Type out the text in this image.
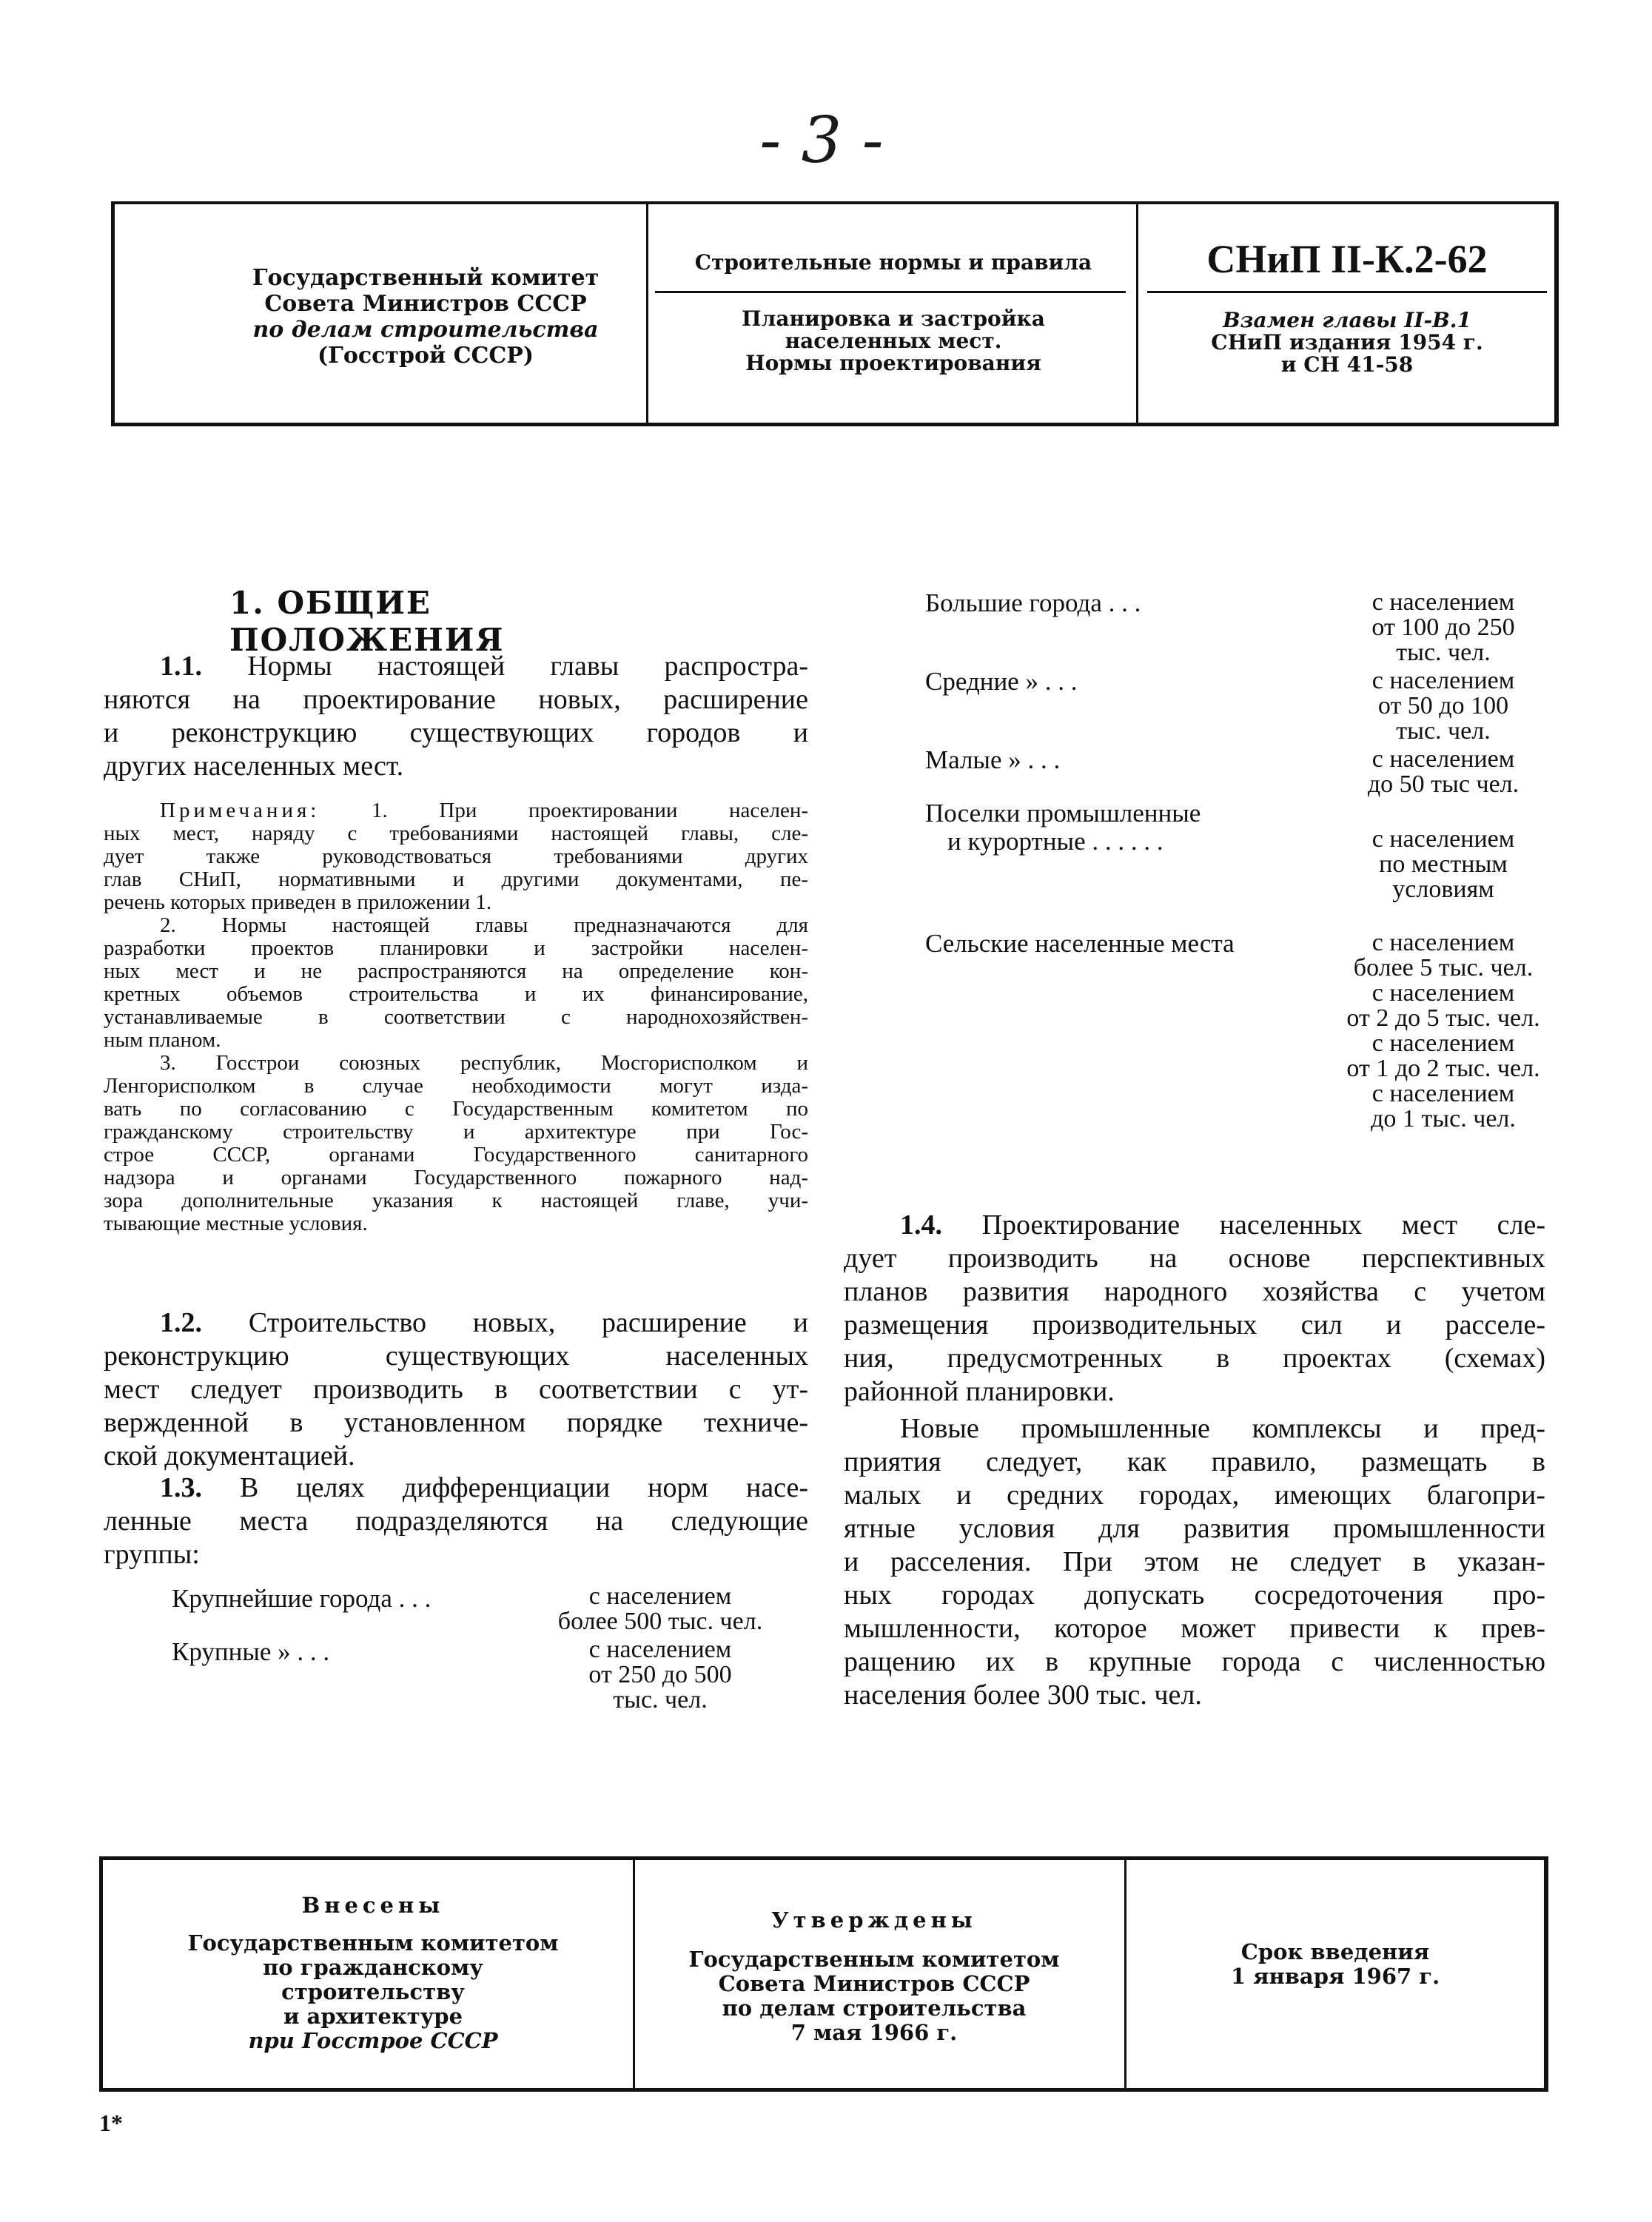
- 3 -
Государственный комитет
Совета Министров СССР
по делам строительства
(Госстрой СССР)
Строительные нормы и правила
Планировка и застройка
населенных мест.
Нормы проектирования
СНиП II-К.2-62
Взамен главы II-В.1
СНиП издания 1954 г.
и СН 41-58
1. ОБЩИЕ ПОЛОЖЕНИЯ
1.1. Нормы настоящей главы распростра-
няются на проектирование новых, расширение
и реконструкцию существующих городов и
других населенных мест.
Примечания: 1. При проектировании населен-
ных мест, наряду с требованиями настоящей главы, сле-
дует также руководствоваться требованиями других
глав СНиП, нормативными и другими документами, пе-
речень которых приведен в приложении 1.
2. Нормы настоящей главы предназначаются для
разработки проектов планировки и застройки населен-
ных мест и не распространяются на определение кон-
кретных объемов строительства и их финансирование,
устанавливаемые в соответствии с народнохозяйствен-
ным планом.
3. Госстрои союзных республик, Мосгорисполком и
Ленгорисполком в случае необходимости могут изда-
вать по согласованию с Государственным комитетом по
гражданскому строительству и архитектуре при Гос-
строе СССР, органами Государственного санитарного
надзора и органами Государственного пожарного над-
зора дополнительные указания к настоящей главе, учи-
тывающие местные условия.
1.2. Строительство новых, расширение и
реконструкцию существующих населенных
мест следует производить в соответствии с ут-
вержденной в установленном порядке техниче-
ской документацией.
1.3. В целях дифференциации норм насе-
ленные места подразделяются на следующие
группы:
Крупнейшие города . . .	с населением
более 500 тыс. чел.
Крупные » . . .	с населением
от 250 до 500
тыс. чел.
Большие города . . .	с населением
от 100 до 250
тыс. чел.
Средние » . . .	с населением
от 50 до 100
тыс. чел.
Малые » . . .	с населением
до 50 тыс чел.
Поселки промышленные
и курортные . . . . . .	с населением
по местным
условиям
Сельские населенные места	с населением
более 5 тыс. чел.
с населением
от 2 до 5 тыс. чел.
с населением
от 1 до 2 тыс. чел.
с населением
до 1 тыс. чел.
1.4. Проектирование населенных мест сле-
дует производить на основе перспективных
планов развития народного хозяйства с учетом
размещения производительных сил и расселе-
ния, предусмотренных в проектах (схемах)
районной планировки.
Новые промышленные комплексы и пред-
приятия следует, как правило, размещать в
малых и средних городах, имеющих благопри-
ятные условия для развития промышленности
и расселения. При этом не следует в указан-
ных городах допускать сосредоточения про-
мышленности, которое может привести к прев-
ращению их в крупные города с численностью
населения более 300 тыс. чел.
Внесены
Государственным комитетом
по гражданскому
строительству
и архитектуре
при Госстрое СССР
Утверждены
Государственным комитетом
Совета Министров СССР
по делам строительства
7 мая 1966 г.
Срок введения
1 января 1967 г.
1*
